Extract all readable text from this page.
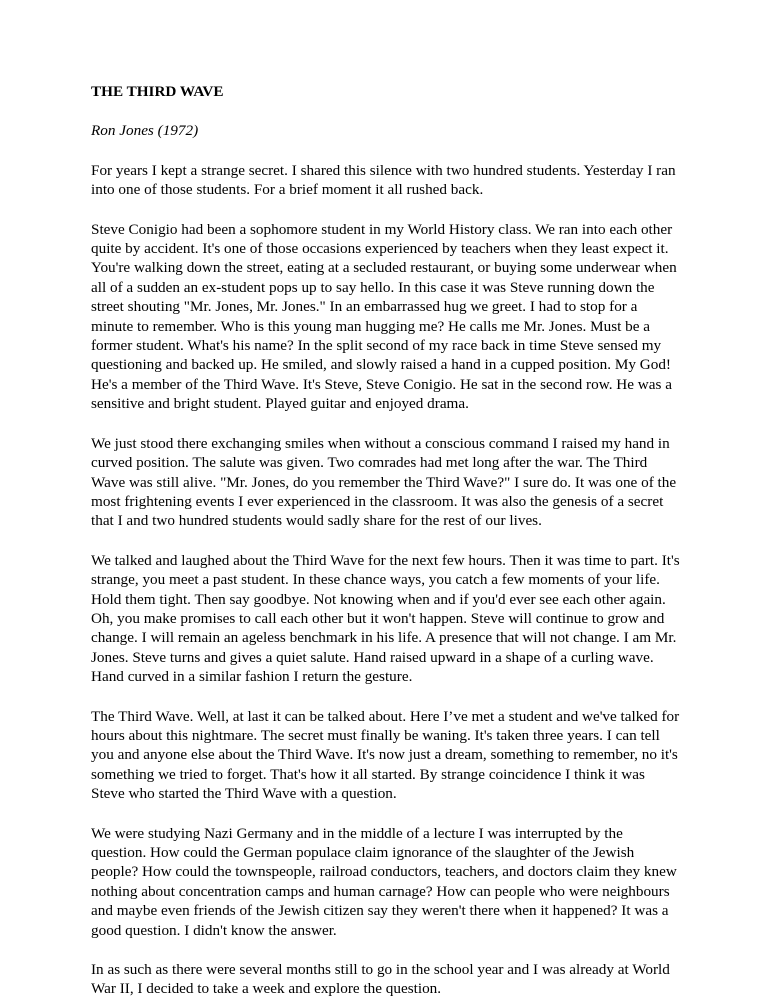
THE THIRD WAVE
Ron Jones (1972)

For years I kept a strange secret. I shared this silence with two hundred students. Yesterday I ran into one of those students. For a brief moment it all rushed back.

Steve Conigio had been a sophomore student in my World History class. We ran into each other quite by accident. It's one of those occasions experienced by teachers when they least expect it. You're walking down the street, eating at a secluded restaurant, or buying some underwear when all of a sudden an ex-student pops up to say hello. In this case it was Steve running down the street shouting "Mr. Jones, Mr. Jones." In an embarrassed hug we greet. I had to stop for a minute to remember. Who is this young man hugging me? He calls me Mr. Jones. Must be a former student. What's his name? In the split second of my race back in time Steve sensed my questioning and backed up. He smiled, and slowly raised a hand in a cupped position. My God! He's a member of the Third Wave. It's Steve, Steve Conigio. He sat in the second row. He was a sensitive and bright student. Played guitar and enjoyed drama.

We just stood there exchanging smiles when without a conscious command I raised my hand in curved position. The salute was given. Two comrades had met long after the war. The Third Wave was still alive. "Mr. Jones, do you remember the Third Wave?" I sure do. It was one of the most frightening events I ever experienced in the classroom. It was also the genesis of a secret that I and two hundred students would sadly share for the rest of our lives.

We talked and laughed about the Third Wave for the next few hours. Then it was time to part. It's strange, you meet a past student. In these chance ways, you catch a few moments of your life. Hold them tight. Then say goodbye. Not knowing when and if you'd ever see each other again. Oh, you make promises to call each other but it won't happen. Steve will continue to grow and change. I will remain an ageless benchmark in his life. A presence that will not change. I am Mr. Jones. Steve turns and gives a quiet salute. Hand raised upward in a shape of a curling wave. Hand curved in a similar fashion I return the gesture.

The Third Wave. Well, at last it can be talked about. Here I’ve met a student and we've talked for hours about this nightmare. The secret must finally be waning. It's taken three years. I can tell you and anyone else about the Third Wave. It's now just a dream, something to remember, no it's something we tried to forget. That's how it all started. By strange coincidence I think it was Steve who started the Third Wave with a question.

We were studying Nazi Germany and in the middle of a lecture I was interrupted by the question. How could the German populace claim ignorance of the slaughter of the Jewish people? How could the townspeople, railroad conductors, teachers, and doctors claim they knew nothing about concentration camps and human carnage? How can people who were neighbours and maybe even friends of the Jewish citizen say they weren't there when it happened? It was a good question. I didn't know the answer.

In as such as there were several months still to go in the school year and I was already at World War II, I decided to take a week and explore the question.
